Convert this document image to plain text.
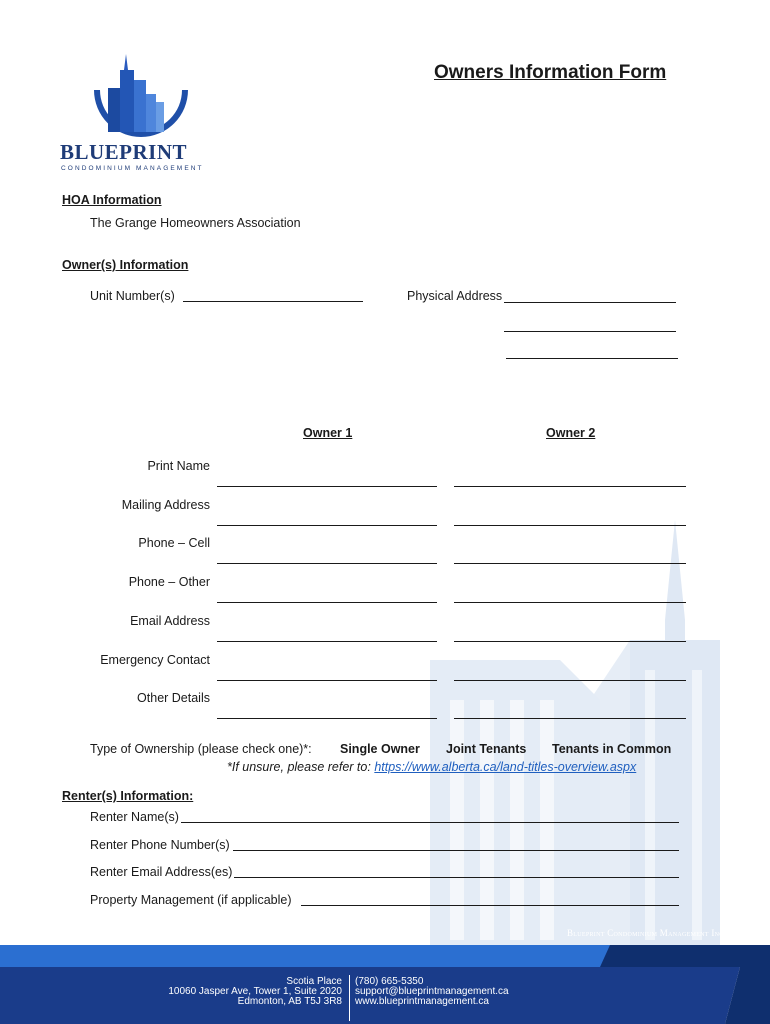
BLUEPRINT
CONDOMINIUM MANAGEMENT
Owners Information Form
HOA Information
The Grange Homeowners Association
Owner(s) Information
Unit Number(s)	Physical Address
Owner 1	Owner 2
Print Name
Mailing Address
Phone – Cell
Phone – Other
Email Address
Emergency Contact
Other Details
Type of Ownership (please check one)*: Single Owner Joint Tenants Tenants in Common
*If unsure, please refer to: https://www.alberta.ca/land-titles-overview.aspx
Renter(s) Information:
Renter Name(s)
Renter Phone Number(s)
Renter Email Address(es)
Property Management (if applicable)
Blueprint Condominium Management Inc.
Scotia Place
10060 Jasper Ave, Tower 1, Suite 2020
Edmonton, AB T5J 3R8
(780) 665-5350
support@blueprintmanagement.ca
www.blueprintmanagement.ca
